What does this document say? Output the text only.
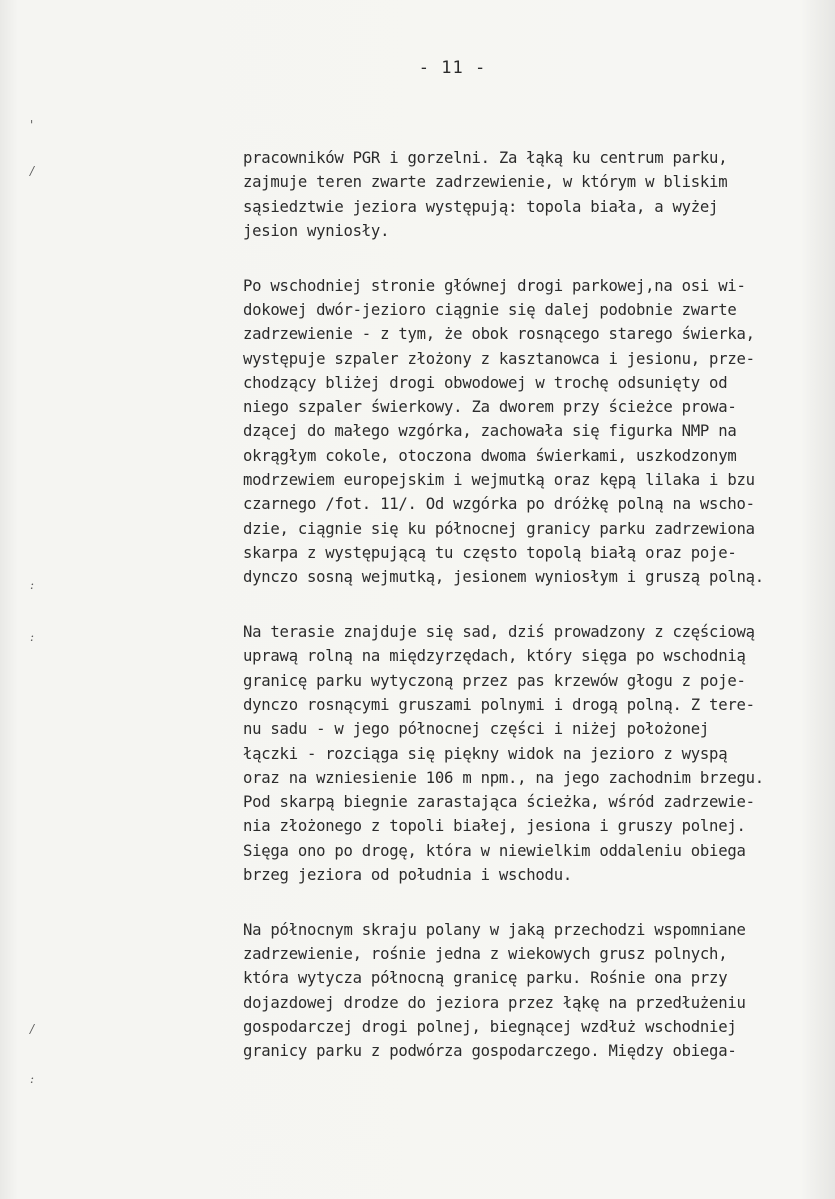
- 11 -
'
/
:
:
/
:
pracowników PGR i gorzelni. Za łąką ku centrum parku,
zajmuje teren zwarte zadrzewienie, w którym w bliskim
sąsiedztwie jeziora występują: topola biała, a wyżej
jesion wyniosły.
Po wschodniej stronie głównej drogi parkowej,na osi wi-
dokowej dwór-jezioro ciągnie się dalej podobnie zwarte
zadrzewienie - z tym, że obok rosnącego starego świerka,
występuje szpaler złożony z kasztanowca i jesionu, prze-
chodzący bliżej drogi obwodowej w trochę odsunięty od
niego szpaler świerkowy. Za dworem przy ścieżce prowa-
dzącej do małego wzgórka, zachowała się figurka NMP na
okrągłym cokole, otoczona dwoma świerkami, uszkodzonym
modrzewiem europejskim i wejmutką oraz kępą lilaka i bzu
czarnego /fot. 11/. Od wzgórka po dróżkę polną na wscho-
dzie, ciągnie się ku północnej granicy parku zadrzewiona
skarpa z występującą tu często topolą białą oraz poje-
dynczo sosną wejmutką, jesionem wyniosłym i gruszą polną.
Na terasie znajduje się sad, dziś prowadzony z częściową
uprawą rolną na międzyrzędach, który sięga po wschodnią
granicę parku wytyczoną przez pas krzewów głogu z poje-
dynczo rosnącymi gruszami polnymi i drogą polną. Z tere-
nu sadu - w jego północnej części i niżej położonej
łączki - rozciąga się piękny widok na jezioro z wyspą
oraz na wzniesienie 106 m npm., na jego zachodnim brzegu.
Pod skarpą biegnie zarastająca ścieżka, wśród zadrzewie-
nia złożonego z topoli białej, jesiona i gruszy polnej.
Sięga ono po drogę, która w niewielkim oddaleniu obiega
brzeg jeziora od południa i wschodu.
Na północnym skraju polany w jaką przechodzi wspomniane
zadrzewienie, rośnie jedna z wiekowych grusz polnych,
która wytycza północną granicę parku. Rośnie ona przy
dojazdowej drodze do jeziora przez łąkę na przedłużeniu
gospodarczej drogi polnej, biegnącej wzdłuż wschodniej
granicy parku z podwórza gospodarczego. Między obiega-
